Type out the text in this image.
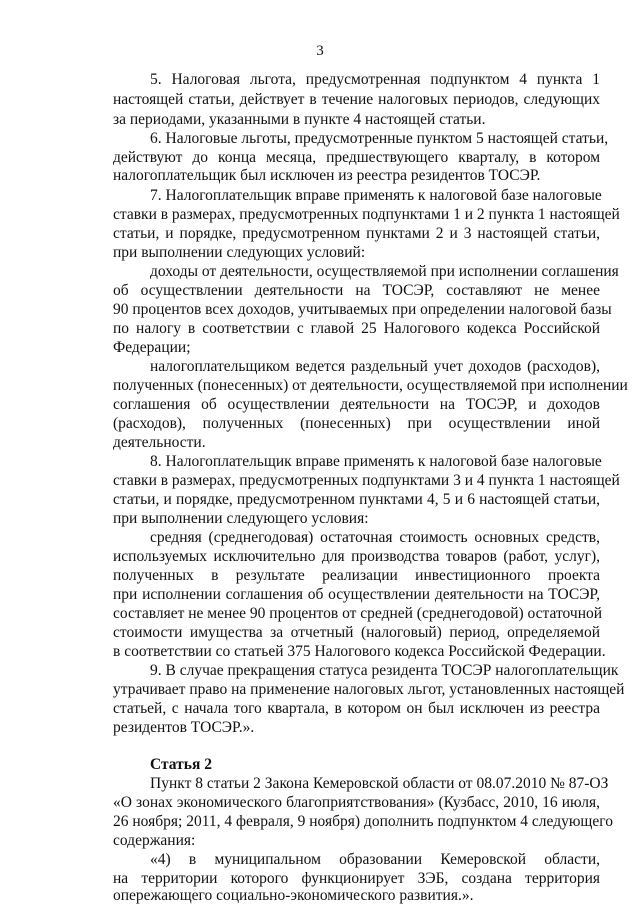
3
5. Налоговая льгота, предусмотренная подпунктом 4 пункта 1
настоящей статьи, действует в течение налоговых периодов, следующих
за периодами, указанными в пункте 4 настоящей статьи.
6. Налоговые льготы, предусмотренные пунктом 5 настоящей статьи,
действуют до конца месяца, предшествующего кварталу, в котором
налогоплательщик был исключен из реестра резидентов ТОСЭР.
7. Налогоплательщик вправе применять к налоговой базе налоговые
ставки в размерах, предусмотренных подпунктами 1 и 2 пункта 1 настоящей
статьи, и порядке, предусмотренном пунктами 2 и 3 настоящей статьи,
при выполнении следующих условий:
доходы от деятельности, осуществляемой при исполнении соглашения
об осуществлении деятельности на ТОСЭР, составляют не менее
90 процентов всех доходов, учитываемых при определении налоговой базы
по налогу в соответствии с главой 25 Налогового кодекса Российской
Федерации;
налогоплательщиком ведется раздельный учет доходов (расходов),
полученных (понесенных) от деятельности, осуществляемой при исполнении
соглашения об осуществлении деятельности на ТОСЭР, и доходов
(расходов), полученных (понесенных) при осуществлении иной
деятельности.
8. Налогоплательщик вправе применять к налоговой базе налоговые
ставки в размерах, предусмотренных подпунктами 3 и 4 пункта 1 настоящей
статьи, и порядке, предусмотренном пунктами 4, 5 и 6 настоящей статьи,
при выполнении следующего условия:
средняя (среднегодовая) остаточная стоимость основных средств,
используемых исключительно для производства товаров (работ, услуг),
полученных в результате реализации инвестиционного проекта
при исполнении соглашения об осуществлении деятельности на ТОСЭР,
составляет не менее 90 процентов от средней (среднегодовой) остаточной
стоимости имущества за отчетный (налоговый) период, определяемой
в соответствии со статьей 375 Налогового кодекса Российской Федерации.
9. В случае прекращения статуса резидента ТОСЭР налогоплательщик
утрачивает право на применение налоговых льгот, установленных настоящей
статьей, с начала того квартала, в котором он был исключен из реестра
резидентов ТОСЭР.».
Статья 2
Пункт 8 статьи 2 Закона Кемеровской области от 08.07.2010 № 87-ОЗ
«О зонах экономического благоприятствования» (Кузбасс, 2010, 16 июля,
26 ноября; 2011, 4 февраля, 9 ноября) дополнить подпунктом 4 следующего
содержания:
«4) в муниципальном образовании Кемеровской области,
на территории которого функционирует ЗЭБ, создана территория
опережающего социально-экономического развития.».
